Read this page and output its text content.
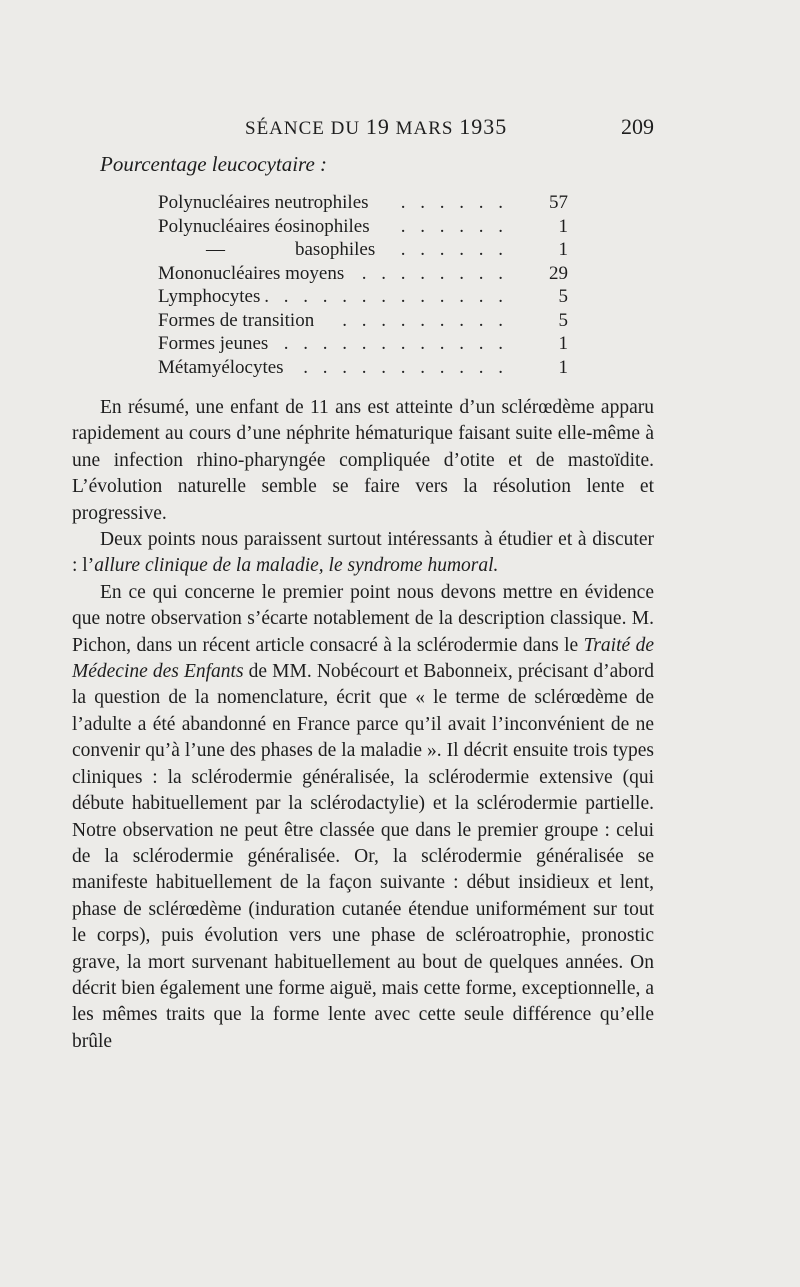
SÉANCE DU 19 MARS 1935	209
Pourcentage leucocytaire :
Polynucléaires neutrophiles	. . . . . . 57
Polynucléaires éosinophiles	. . . . . .	1
—	basophiles	. . . . . .	1
Mononucléaires moyens . . . . . . . . 29
Lymphocytes . . . . . . . . . . . . .	5
Formes de transition	. . . . . . . . .	5
Formes jeunes . . . . . . . . . . . .	1
Métamyélocytes	. . . . . . . . . . .	1

En résumé, une enfant de 11 ans est atteinte d’un sclérœdème apparu rapidement au cours d’une néphrite hématurique faisant suite elle-même à une infection rhino-pharyngée compliquée d’otite et de mastoïdite. L’évolution naturelle semble se faire vers la résolution lente et progressive.

Deux points nous paraissent surtout intéressants à étudier et à discuter : l’allure clinique de la maladie, le syndrome humoral.

En ce qui concerne le premier point nous devons mettre en évidence que notre observation s’écarte notablement de la description classique. M. Pichon, dans un récent article consacré à la sclérodermie dans le Traité de Médecine des Enfants de MM. Nobécourt et Babonneix, précisant d’abord la question de la nomenclature, écrit que « le terme de sclérœdème de l’adulte a été abandonné en France parce qu’il avait l’inconvénient de ne convenir qu’à l’une des phases de la maladie ». Il décrit ensuite trois types cliniques : la sclérodermie généralisée, la sclérodermie extensive (qui débute habituellement par la sclérodactylie) et la sclérodermie partielle. Notre observation ne peut être classée que dans le premier groupe : celui de la sclérodermie généralisée. Or, la sclérodermie généralisée se manifeste habituellement de la façon suivante : début insidieux et lent, phase de sclérœdème (induration cutanée étendue uniformément sur tout le corps), puis évolution vers une phase de scléroatrophie, pronostic grave, la mort survenant habituellement au bout de quelques années. On décrit bien également une forme aiguë, mais cette forme, exceptionnelle, a les mêmes traits que la forme lente avec cette seule différence qu’elle brûle
